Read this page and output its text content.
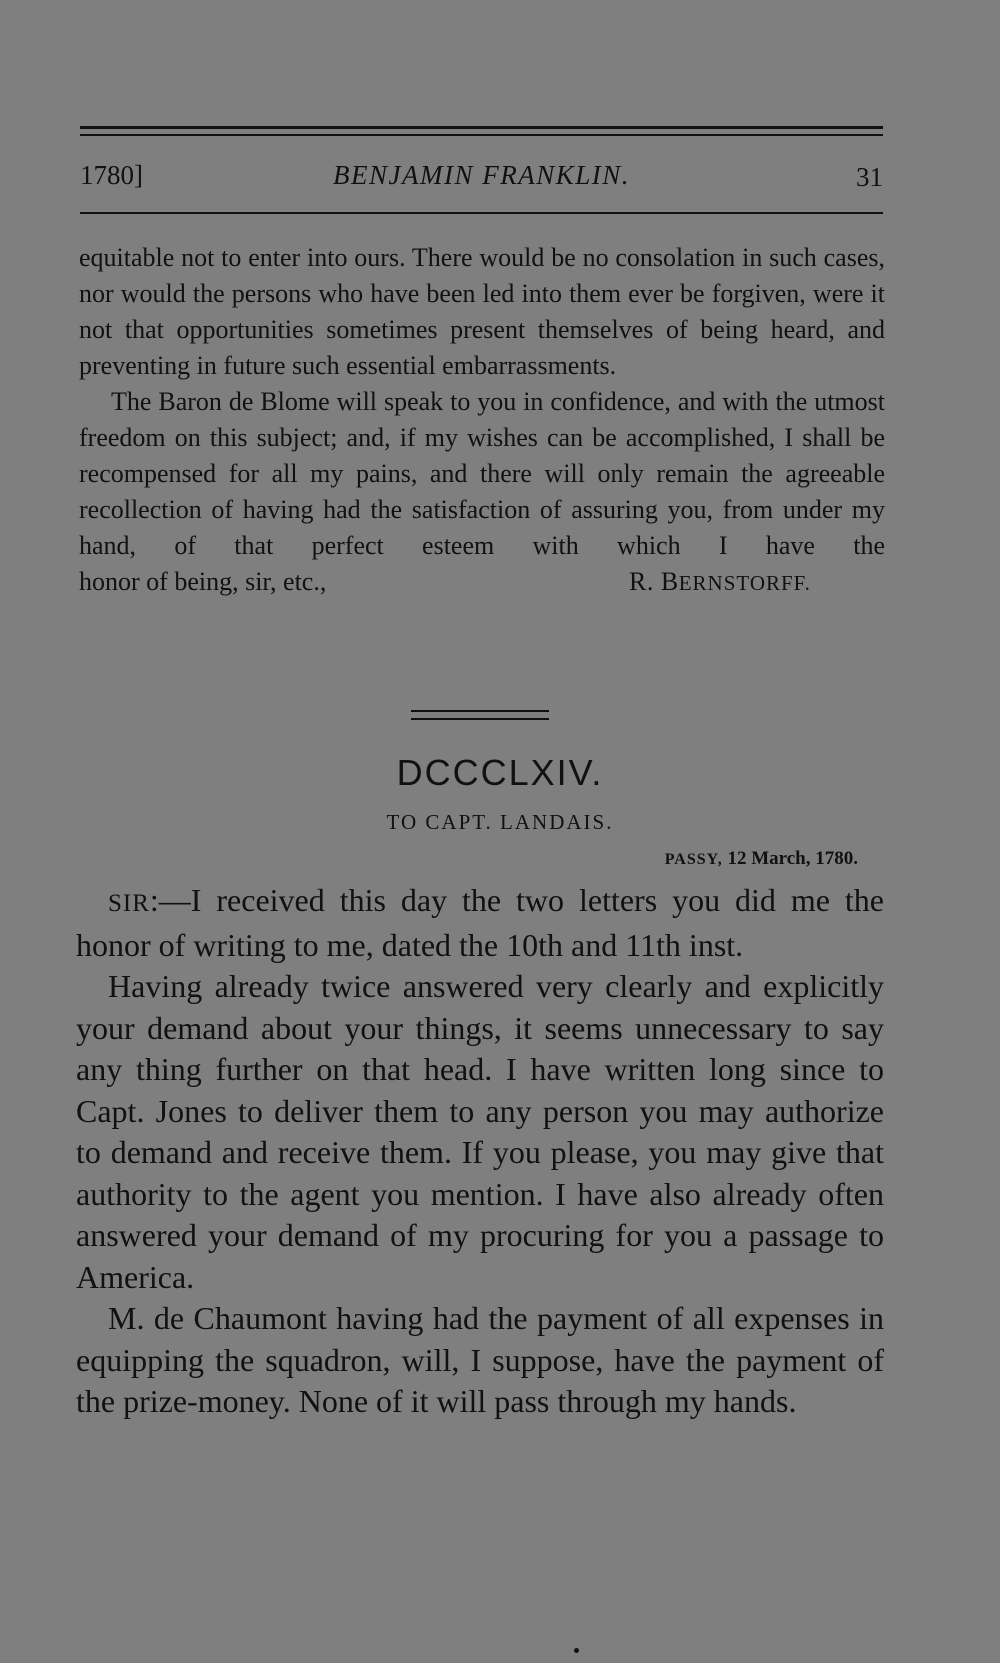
1780]	BENJAMIN FRANKLIN.	31

equitable not to enter into ours. There would be no consolation in such cases, nor would the persons who have been led into them ever be forgiven, were it not that opportunities sometimes present themselves of being heard, and preventing in future such essential embarrassments.

The Baron de Blome will speak to you in confidence, and with the utmost freedom on this subject; and, if my wishes can be accomplished, I shall be recompensed for all my pains, and there will only remain the agreeable recollection of having had the satisfaction of assuring you, from under my hand, of that perfect esteem with which I have the

honor of being, sir, etc.,	R. BERNSTORFF.
DCCCLXIV.
TO CAPT. LANDAIS.
PASSY, 12 March, 1780.

SIR:—I received this day the two letters you did me the honor of writing to me, dated the 10th and 11th inst.

Having already twice answered very clearly and explicitly your demand about your things, it seems unnecessary to say any thing further on that head. I have written long since to Capt. Jones to deliver them to any person you may authorize to demand and receive them. If you please, you may give that authority to the agent you mention. I have also already often answered your demand of my procuring for you a passage to America.

M. de Chaumont having had the payment of all expenses in equipping the squadron, will, I suppose, have the payment of the prize-money. None of it will pass through my hands.
